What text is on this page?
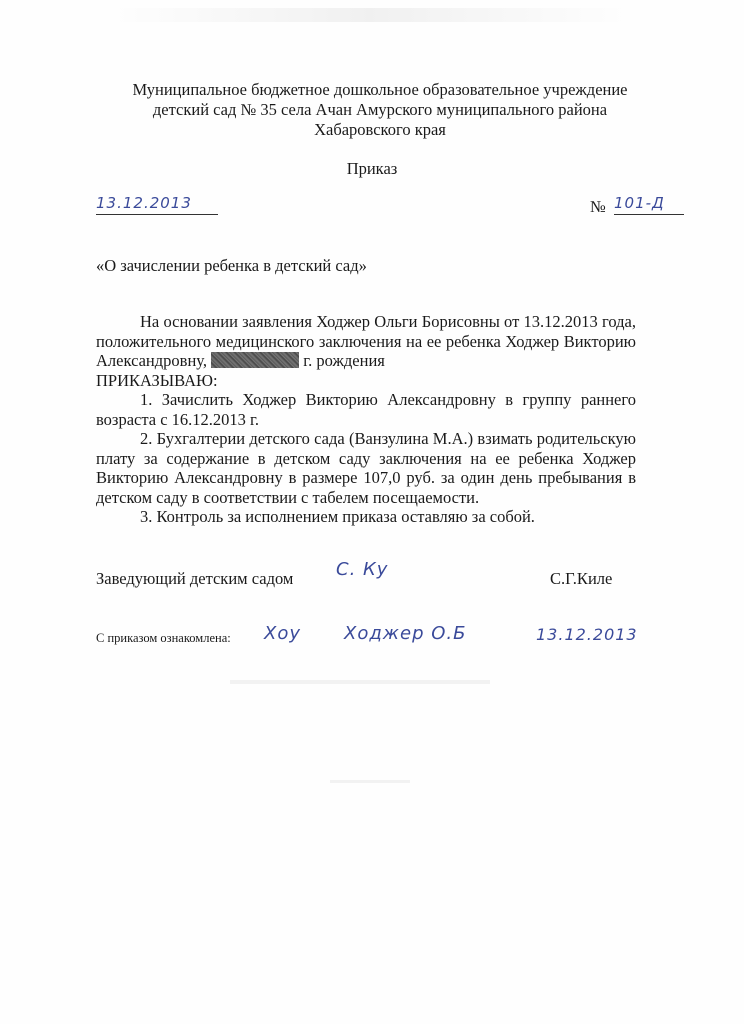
Муниципальное бюджетное дошкольное образовательное учреждение
детский сад № 35 села Ачан Амурского муниципального района
Хабаровского края
Приказ
13.12.2013	№ 101-Д
«О зачислении ребенка в детский сад»

На основании заявления Ходжер Ольги Борисовны от 13.12.2013 года, положительного медицинского заключения на ее ребенка Ходжер Викторию Александровну,	г. рождения

ПРИКАЗЫВАЮ:

1. Зачислить Ходжер Викторию Александровну в группу раннего возраста с 16.12.2013 г.

2. Бухгалтерии детского сада (Ванзулина М.А.) взимать родительскую плату за содержание в детском саду заключения на ее ребенка Ходжер Викторию Александровну в размере 107,0 руб. за один день пребывания в детском саду в соответствии с табелем посещаемости.

3. Контроль за исполнением приказа оставляю за собой.

Заведующий детским садом С. Ку	С.Г.Киле
С приказом ознакомлена: Хоу Ходжер О.Б	13.12.2013
